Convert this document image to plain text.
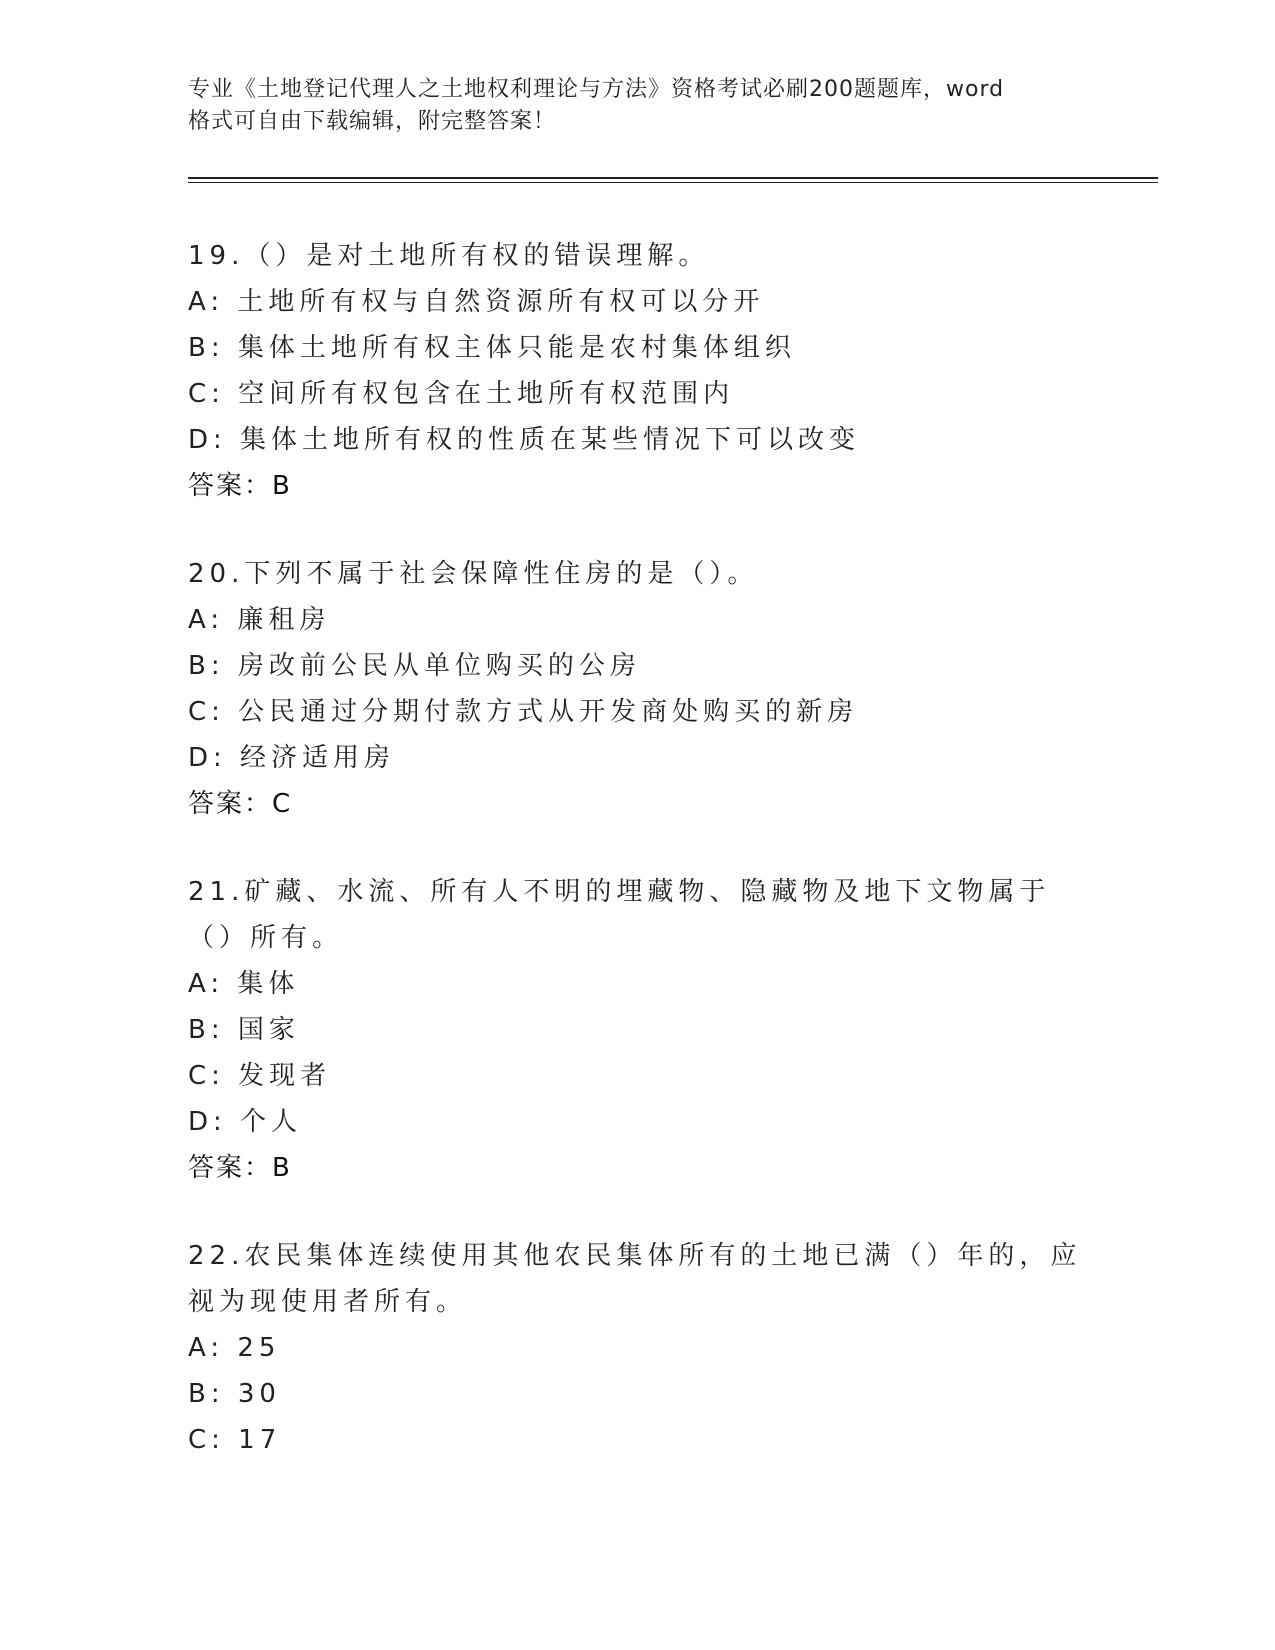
专业《土地登记代理人之土地权利理论与方法》资格考试必刷200题题库，word
格式可自由下载编辑，附完整答案！
19.（）是对土地所有权的错误理解。
A: 土地所有权与自然资源所有权可以分开
B: 集体土地所有权主体只能是农村集体组织
C: 空间所有权包含在土地所有权范围内
D: 集体土地所有权的性质在某些情况下可以改变
答案：B
20.下列不属于社会保障性住房的是（）。
A: 廉租房
B: 房改前公民从单位购买的公房
C: 公民通过分期付款方式从开发商处购买的新房
D: 经济适用房
答案：C
21.矿藏、水流、所有人不明的埋藏物、隐藏物及地下文物属于（）所有。
A: 集体
B: 国家
C: 发现者
D: 个人
答案：B
22.农民集体连续使用其他农民集体所有的土地已满（）年的，应视为现使用者所有。
A: 25
B: 30
C: 17
